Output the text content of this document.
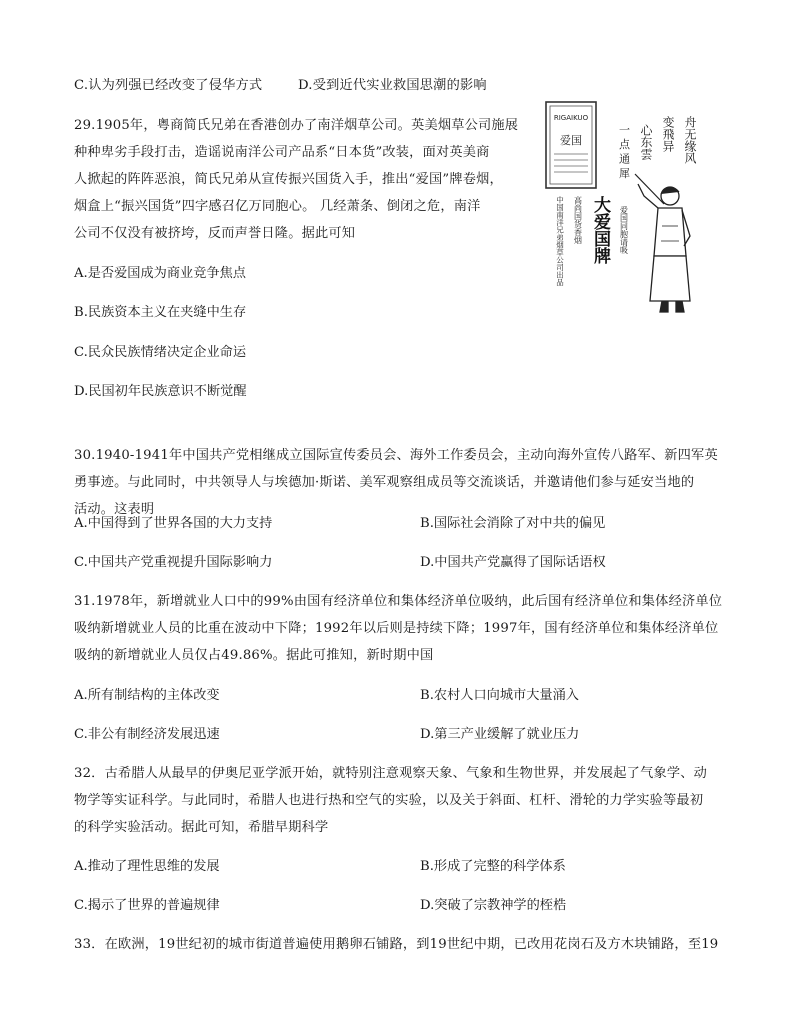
C.认为列强已经改变了侵华方式	D.受到近代实业救国思潮的影响
29.1905年，粤商简氏兄弟在香港创办了南洋烟草公司。英美烟草公司施展
种种卑劣手段打击，造谣说南洋公司产品系“日本货”改装，面对英美商
人掀起的阵阵恶浪，简氏兄弟从宣传振兴国货入手，推出“爱国”牌卷烟，
烟盒上“振兴国货”四字感召亿万同胞心。 几经萧条、倒闭之危，南洋
公司不仅没有被挤垮，反而声誉日隆。据此可知
A.是否爱国成为商业竞争焦点
B.民族资本主义在夹缝中生存
C.民众民族情绪决定企业命运
D.民国初年民族意识不断觉醒
RIGAIKUO
爱国	舟无缘风
变飛异
心东雲
一 点 通 犀
大爱国牌
中国南洋兄弟烟草公司出品 高尚国货香烟	爱国同胞请吸
30.1940-1941年中国共产党相继成立国际宣传委员会、海外工作委员会，主动向海外宣传八路军、新四军英
勇事迹。与此同时，中共领导人与埃德加·斯诺、美军观察组成员等交流谈话，并邀请他们参与延安当地的
活动。这表明
A.中国得到了世界各国的大力支持	B.国际社会消除了对中共的偏见
C.中国共产党重视提升国际影响力	D.中国共产党赢得了国际话语权
31.1978年，新增就业人口中的99%由国有经济单位和集体经济单位吸纳，此后国有经济单位和集体经济单位
吸纳新增就业人员的比重在波动中下降；1992年以后则是持续下降；1997年，国有经济单位和集体经济单位
吸纳的新增就业人员仅占49.86%。据此可推知，新时期中国
A.所有制结构的主体改变	B.农村人口向城市大量涌入
C.非公有制经济发展迅速	D.第三产业缓解了就业压力
32．古希腊人从最早的伊奥尼亚学派开始，就特别注意观察天象、气象和生物世界，并发展起了气象学、动
物学等实证科学。与此同时，希腊人也进行热和空气的实验，以及关于斜面、杠杆、滑轮的力学实验等最初
的科学实验活动。据此可知，希腊早期科学
A.推动了理性思维的发展	B.形成了完整的科学体系
C.揭示了世界的普遍规律	D.突破了宗教神学的桎梏
33．在欧洲，19世纪初的城市街道普遍使用鹅卵石铺路，到19世纪中期，已改用花岗石及方木块铺路，至19
